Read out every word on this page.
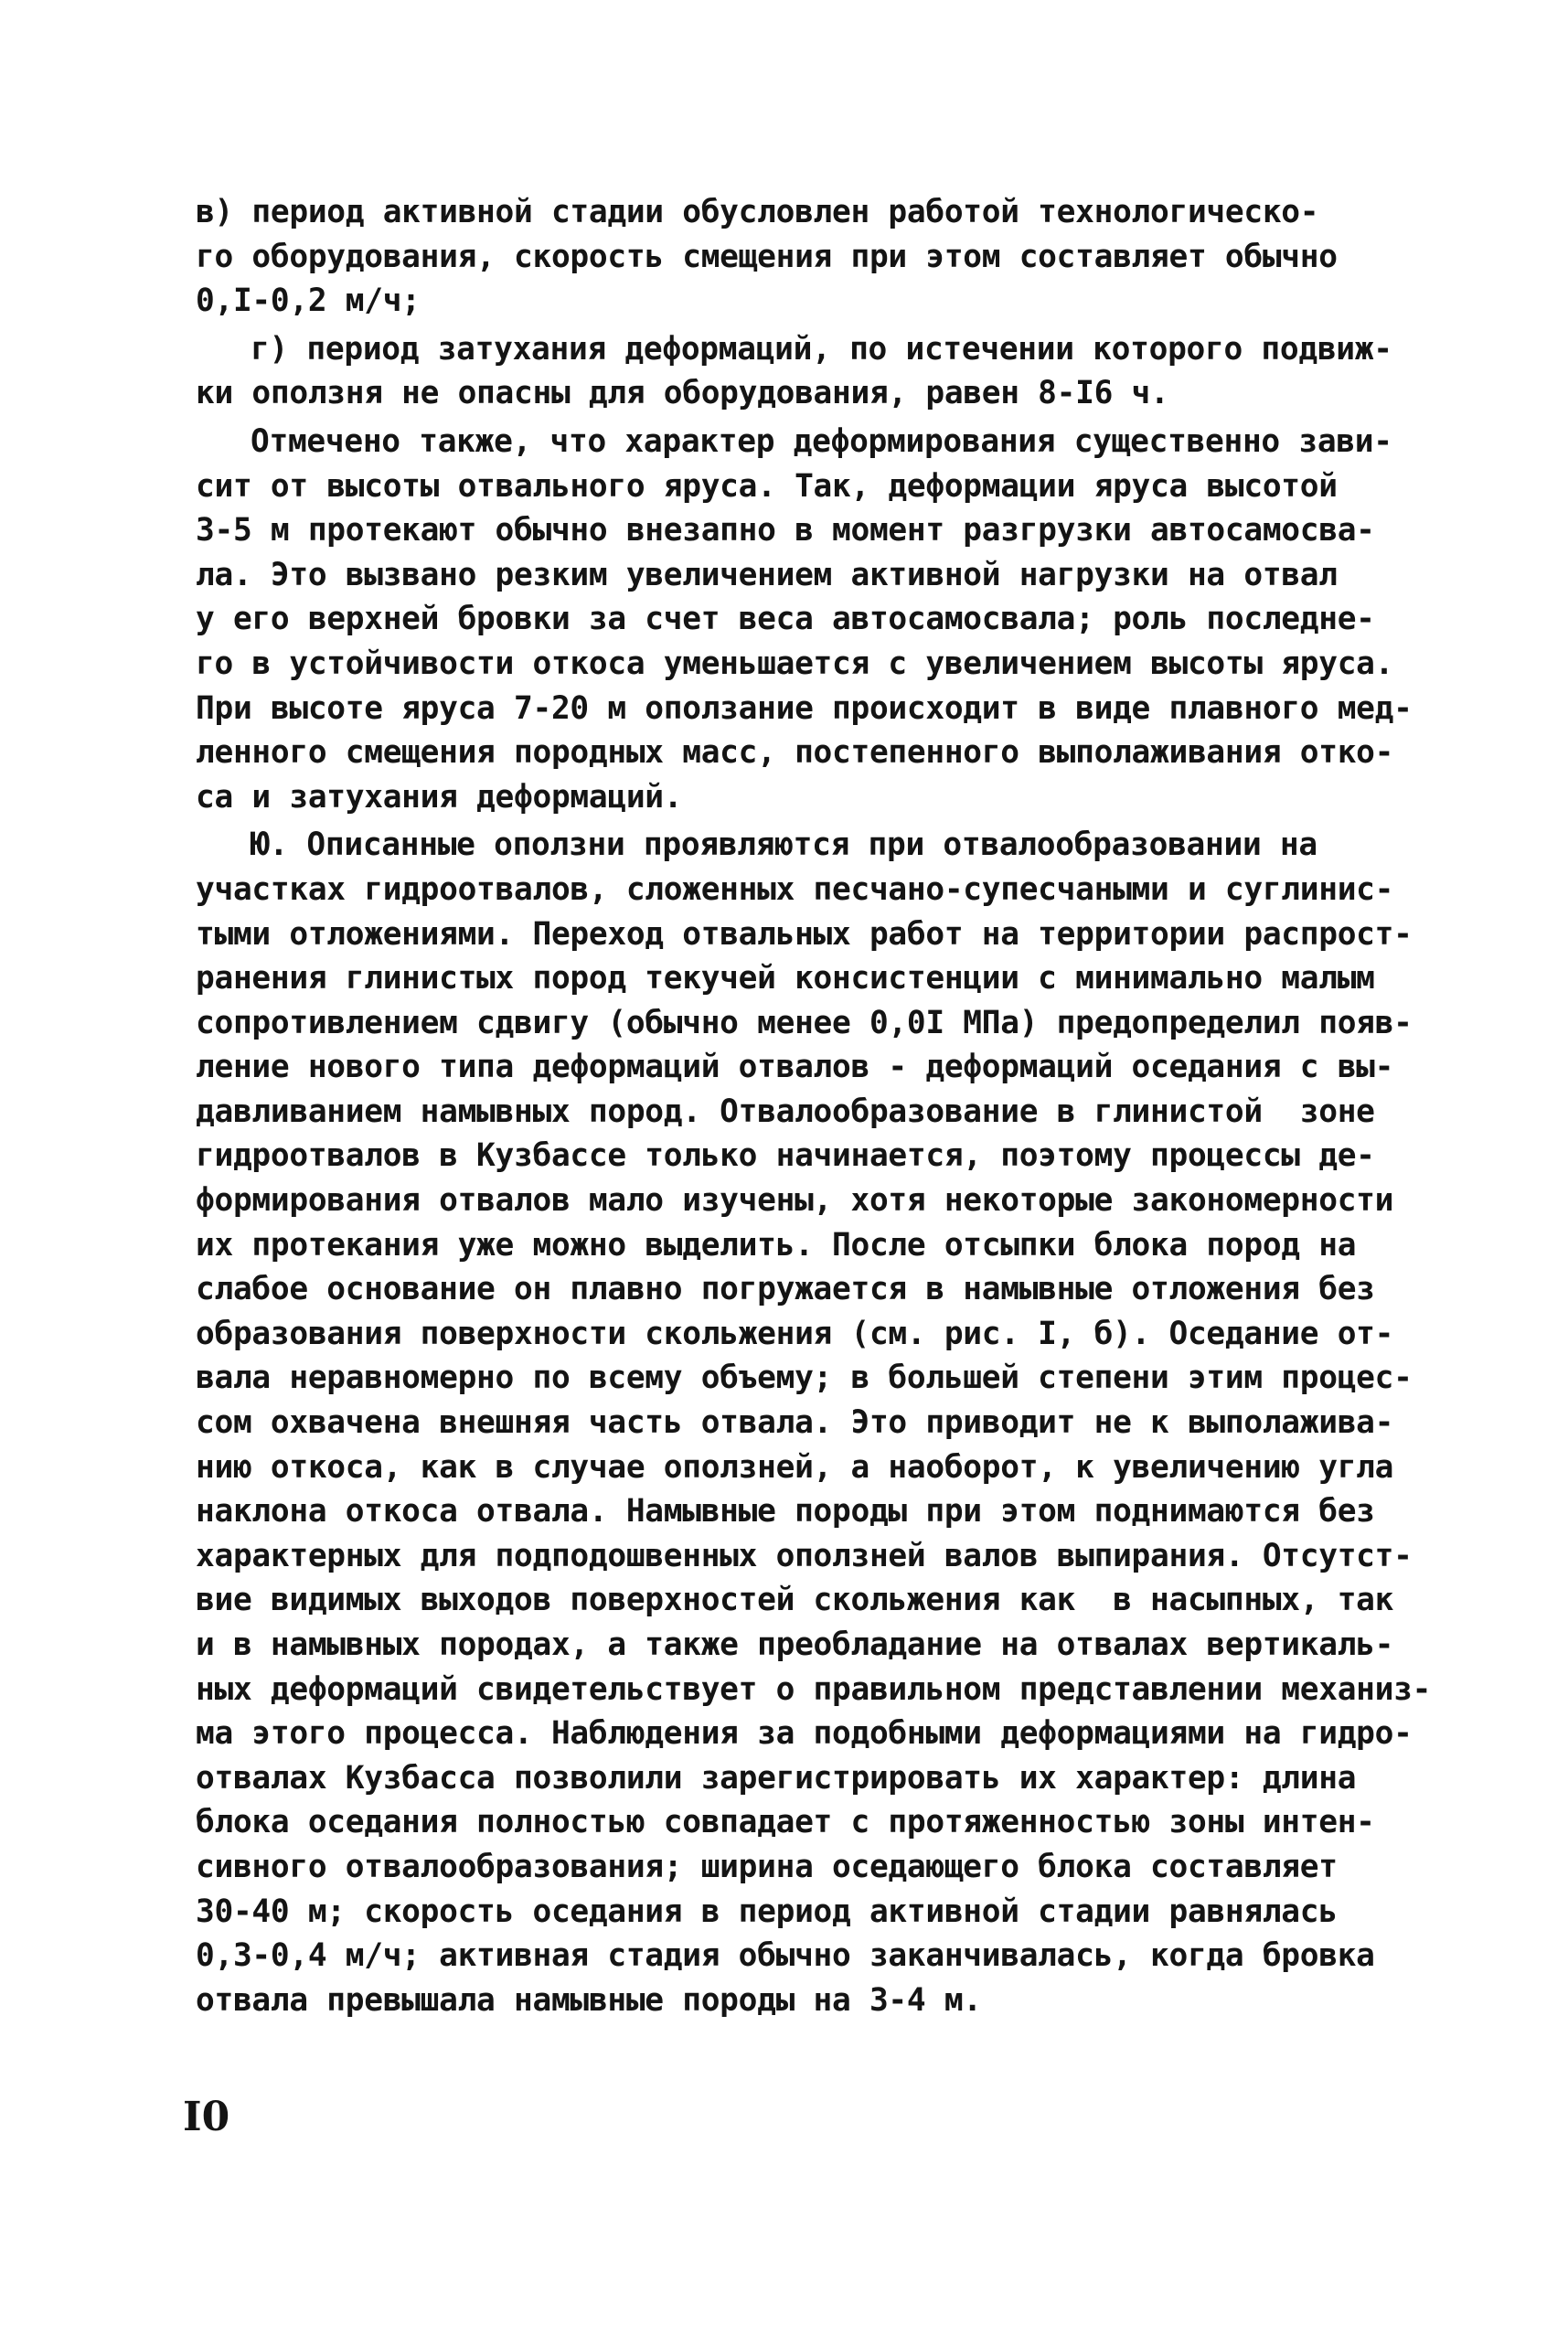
в) период активной стадии обусловлен работой технологическо-
го оборудования, скорость смещения при этом составляет обычно
0,I-0,2 м/ч;
г) период затухания деформаций, по истечении которого подвиж-
ки оползня не опасны для оборудования, равен 8-I6 ч.
Отмечено также, что характер деформирования существенно зави-
сит от высоты отвального яруса. Так, деформации яруса высотой
3-5 м протекают обычно внезапно в момент разгрузки автосамосва-
ла. Это вызвано резким увеличением активной нагрузки на отвал
у его верхней бровки за счет веса автосамосвала; роль последне-
го в устойчивости откоса уменьшается с увеличением высоты яруса.
При высоте яруса 7-20 м оползание происходит в виде плавного мед-
ленного смещения породных масс, постепенного выполаживания отко-
са и затухания деформаций.
Ю. Описанные оползни проявляются при отвалообразовании на
участках гидроотвалов, сложенных песчано-супесчаными и суглинис-
тыми отложениями. Переход отвальных работ на территории распрост-
ранения глинистых пород текучей консистенции с минимально малым
сопротивлением сдвигу (обычно менее 0,0I МПа) предопределил появ-
ление нового типа деформаций отвалов - деформаций оседания с вы-
давливанием намывных пород. Отвалообразование в глинистой  зоне
гидроотвалов в Кузбассе только начинается, поэтому процессы де-
формирования отвалов мало изучены, хотя некоторые закономерности
их протекания уже можно выделить. После отсыпки блока пород на
слабое основание он плавно погружается в намывные отложения без
образования поверхности скольжения (см. рис. I, б). Оседание от-
вала неравномерно по всему объему; в большей степени этим процес-
сом охвачена внешняя часть отвала. Это приводит не к выполажива-
нию откоса, как в случае оползней, а наоборот, к увеличению угла
наклона откоса отвала. Намывные породы при этом поднимаются без
характерных для подподошвенных оползней валов выпирания. Отсутст-
вие видимых выходов поверхностей скольжения как  в насыпных, так
и в намывных породах, а также преобладание на отвалах вертикаль-
ных деформаций свидетельствует о правильном представлении механиз-
ма этого процесса. Наблюдения за подобными деформациями на гидро-
отвалах Кузбасса позволили зарегистрировать их характер: длина
блока оседания полностью совпадает с протяженностью зоны интен-
сивного отвалообразования; ширина оседающего блока составляет
30-40 м; скорость оседания в период активной стадии равнялась
0,3-0,4 м/ч; активная стадия обычно заканчивалась, когда бровка
отвала превышала намывные породы на 3-4 м.
I0
